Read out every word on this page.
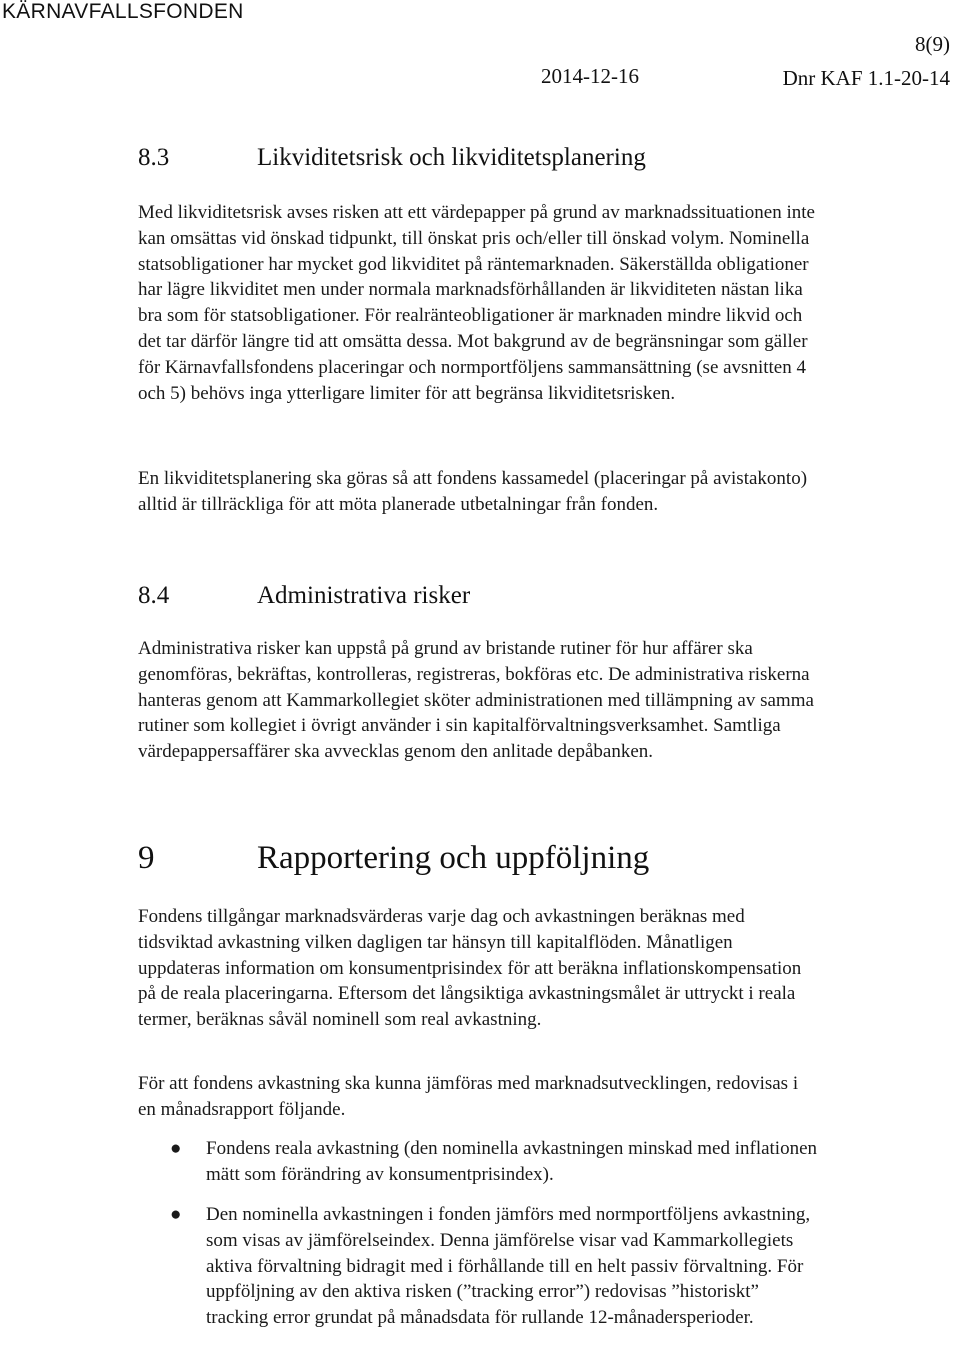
KÄRNAVFALLSFONDEN
8(9)
2014-12-16	Dnr KAF 1.1-20-14
8.3	Likviditetsrisk och likviditetsplanering

Med likviditetsrisk avses risken att ett värdepapper på grund av marknadssituationen inte kan omsättas vid önskad tidpunkt, till önskat pris och/eller till önskad volym. Nominella statsobligationer har mycket god likviditet på räntemarknaden. Säkerställda obligationer har lägre likviditet men under normala marknadsförhållanden är likviditeten nästan lika bra som för statsobligationer. För realränteobligationer är marknaden mindre likvid och det tar därför längre tid att omsätta dessa. Mot bakgrund av de begränsningar som gäller för Kärnavfallsfondens placeringar och normportföljens sammansättning (se avsnitten 4 och 5) behövs inga ytterligare limiter för att begränsa likviditetsrisken.

En likviditetsplanering ska göras så att fondens kassamedel (placeringar på avistakonto) alltid är tillräckliga för att möta planerade utbetalningar från fonden.

8.4	Administrativa risker

Administrativa risker kan uppstå på grund av bristande rutiner för hur affärer ska genomföras, bekräftas, kontrolleras, registreras, bokföras etc. De administrativa riskerna hanteras genom att Kammarkollegiet sköter administrationen med tillämpning av samma rutiner som kollegiet i övrigt använder i sin kapitalförvaltningsverksamhet. Samtliga värdepappersaffärer ska avvecklas genom den anlitade depåbanken.

9	Rapportering och uppföljning

Fondens tillgångar marknadsvärderas varje dag och avkastningen beräknas med tidsviktad avkastning vilken dagligen tar hänsyn till kapitalflöden. Månatligen uppdateras information om konsumentprisindex för att beräkna inflationskompensation på de reala placeringarna. Eftersom det långsiktiga avkastningsmålet är uttryckt i reala termer, beräknas såväl nominell som real avkastning.

För att fondens avkastning ska kunna jämföras med marknadsutvecklingen, redovisas i en månadsrapport följande.

●	Fondens reala avkastning (den nominella avkastningen minskad med inflationen mätt som förändring av konsumentprisindex).
●	Den nominella avkastningen i fonden jämförs med normportföljens avkastning, som visas av jämförelseindex. Denna jämförelse visar vad Kammarkollegiets aktiva förvaltning bidragit med i förhållande till en helt passiv förvaltning. För uppföljning av den aktiva risken (”tracking error”) redovisas ”historiskt” tracking error grundat på månadsdata för rullande 12-månadersperioder.
